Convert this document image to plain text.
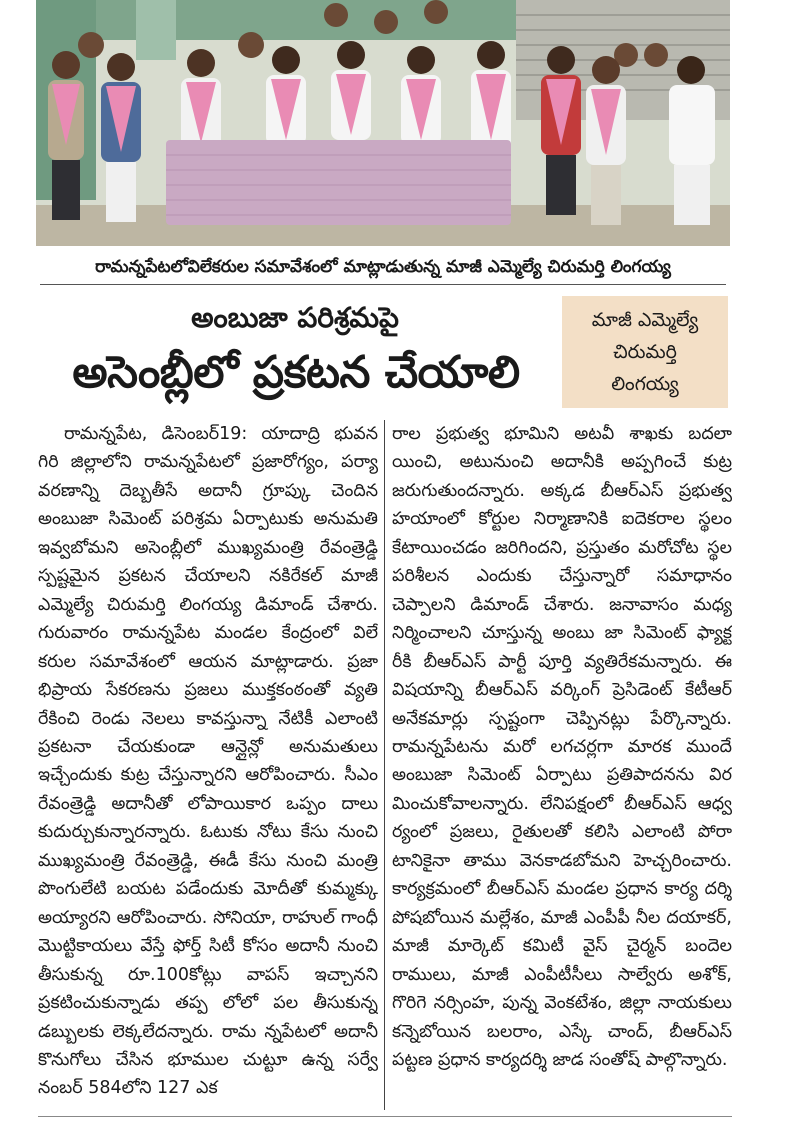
రామన్నపేటలోవిలేకరుల సమావేశంలో మాట్లాడుతున్న మాజీ ఎమ్మెల్యే చిరుమర్తి లింగయ్య
అంబుజా పరిశ్రమపై
అసెంబ్లీలో ప్రకటన చేయాలి
మాజీ ఎమ్మెల్యే
చిరుమర్తి
లింగయ్య

రామన్నపేట, డిసెంబర్19: యాదాద్రి భువన గిరి జిల్లాలోని రామన్నపేటలో ప్రజారోగ్యం, పర్యా వరణాన్ని దెబ్బతీసే అదానీ గ్రూప్కు చెందిన అంబుజా సిమెంట్ పరిశ్రమ ఏర్పాటుకు అనుమతి ఇవ్వబోమని అసెంబ్లీలో ముఖ్యమంత్రి రేవంత్రెడ్డి స్పష్టమైన ప్రకటన చేయాలని నకిరేకల్ మాజీ ఎమ్మెల్యే చిరుమర్తి లింగయ్య డిమాండ్ చేశారు. గురువారం రామన్నపేట మండల కేంద్రంలో విలే కరుల సమావేశంలో ఆయన మాట్లాడారు. ప్రజా భిప్రాయ సేకరణను ప్రజలు ముక్తకంఠంతో వ్యతి రేకించి రెండు నెలలు కావస్తున్నా నేటికీ ఎలాంటి ప్రకటనా చేయకుండా ఆన్లైన్లో అనుమతులు ఇచ్చేందుకు కుట్ర చేస్తున్నారని ఆరోపించారు. సీఎం రేవంత్రెడ్డి అదానీతో లోపాయికార ఒప్పం దాలు కుదుర్చుకున్నారన్నారు. ఓటుకు నోటు కేసు నుంచి ముఖ్యమంత్రి రేవంత్రెడ్డి, ఈడీ కేసు నుంచి మంత్రి పొంగులేటి బయట పడేందుకు మోదీతో కుమ్మక్కు అయ్యారని ఆరోపించారు. సోనియా, రాహుల్ గాంధీ మొట్టికాయలు వేస్తే ఫోర్త్ సిటీ కోసం అదానీ నుంచి తీసుకున్న రూ.100కోట్లు వాపస్ ఇచ్చానని ప్రకటించుకున్నాడు తప్ప లోలో పల తీసుకున్న డబ్బులకు లెక్కలేదన్నారు. రామ న్నపేటలో అదానీ కొనుగోలు చేసిన భూముల చుట్టూ ఉన్న సర్వే నంబర్ 584లోని 127 ఎక

రాల ప్రభుత్వ భూమిని అటవీ శాఖకు బదలా యించి, అటునుంచి అదానీకి అప్పగించే కుట్ర జరుగుతుందన్నారు. అక్కడ బీఆర్ఎస్ ప్రభుత్వ హయాంలో కోర్టుల నిర్మాణానికి ఐదెకరాల స్థలం కేటాయించడం జరిగిందని, ప్రస్తుతం మరోచోట స్థల పరిశీలన ఎందుకు చేస్తున్నారో సమాధానం చెప్పాలని డిమాండ్ చేశారు. జనావాసం మధ్య నిర్మించాలని చూస్తున్న అంబు జా సిమెంట్ ఫ్యాక్ట రీకి బీఆర్ఎస్ పార్టీ పూర్తి వ్యతిరేకమన్నారు. ఈ విషయాన్ని బీఆర్ఎస్ వర్కింగ్ ప్రెసిడెంట్ కేటీఆర్ అనేకమార్లు స్పష్టంగా చెప్పినట్లు పేర్కొన్నారు. రామన్నపేటను మరో లగచర్లగా మారక ముందే అంబుజా సిమెంట్ ఏర్పాటు ప్రతిపాదనను విర మించుకోవాలన్నారు. లేనిపక్షంలో బీఆర్ఎస్ ఆధ్వ ర్యంలో ప్రజలు, రైతులతో కలిసి ఎలాంటి పోరా టానికైనా తాము వెనకాడబోమని హెచ్చరించారు. కార్యక్రమంలో బీఆర్ఎస్ మండల ప్రధాన కార్య దర్శి పోషబోయిన మల్లేశం, మాజీ ఎంపీపీ నీల దయాకర్, మాజీ మార్కెట్ కమిటీ వైస్ చైర్మన్ బందెల రాములు, మాజీ ఎంపీటీసీలు సాల్వేరు అశోక్, గొరిగె నర్సింహ, పున్న వెంకటేశం, జిల్లా నాయకులు కన్నెబోయిన బలరాం, ఎస్కే చాంద్, బీఆర్ఎస్ పట్టణ ప్రధాన కార్యదర్శి జాడ సంతోష్ పాల్గొన్నారు.
